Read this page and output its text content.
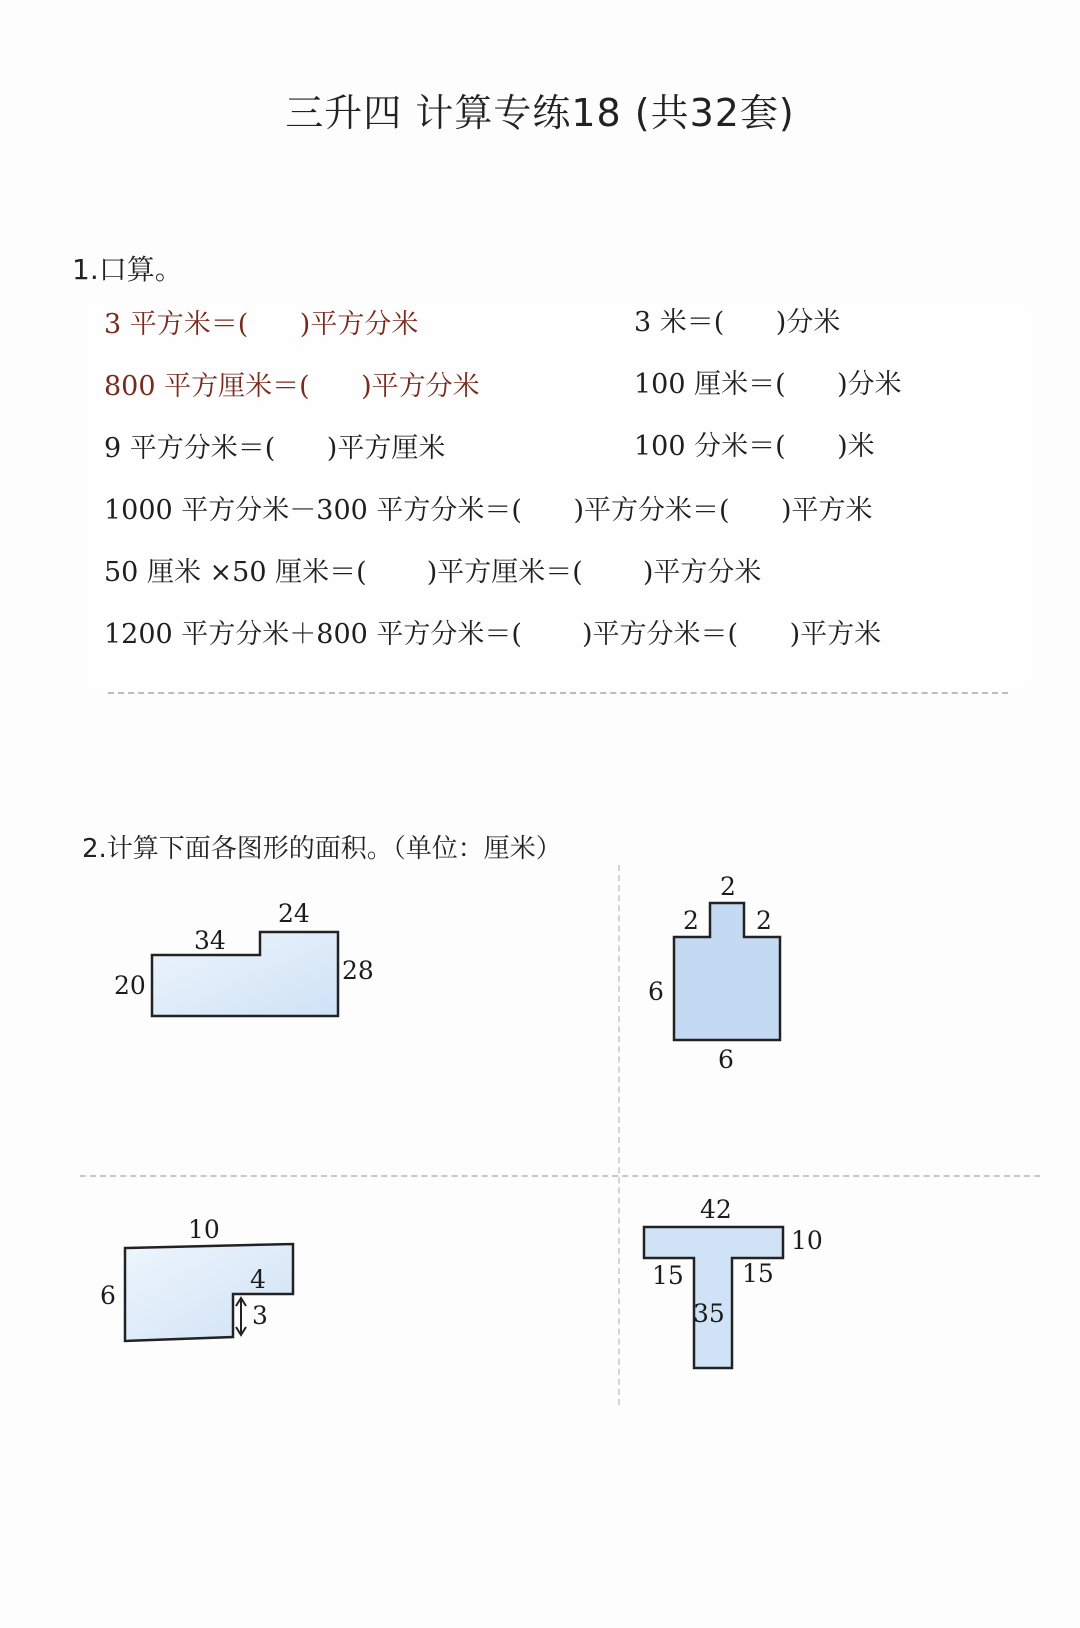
三升四 计算专练18 (共32套)
1.口算。
3 平方米＝(      )平方分米	3 米＝(      )分米
800 平方厘米＝(      )平方分米	100 厘米＝(      )分米
9 平方分米＝(      )平方厘米	100 分米＝(      )米
1000 平方分米－300 平方分米＝(      )平方分米＝(      )平方米
50 厘米 ×50 厘米＝(       )平方厘米＝(       )平方分米
1200 平方分米＋800 平方分米＝(       )平方分米＝(      )平方米
2.计算下面各图形的面积。（单位：厘米）
34
24
20
28
2
2 2
6
6
10
6
4
3
42
10
15 15
35
